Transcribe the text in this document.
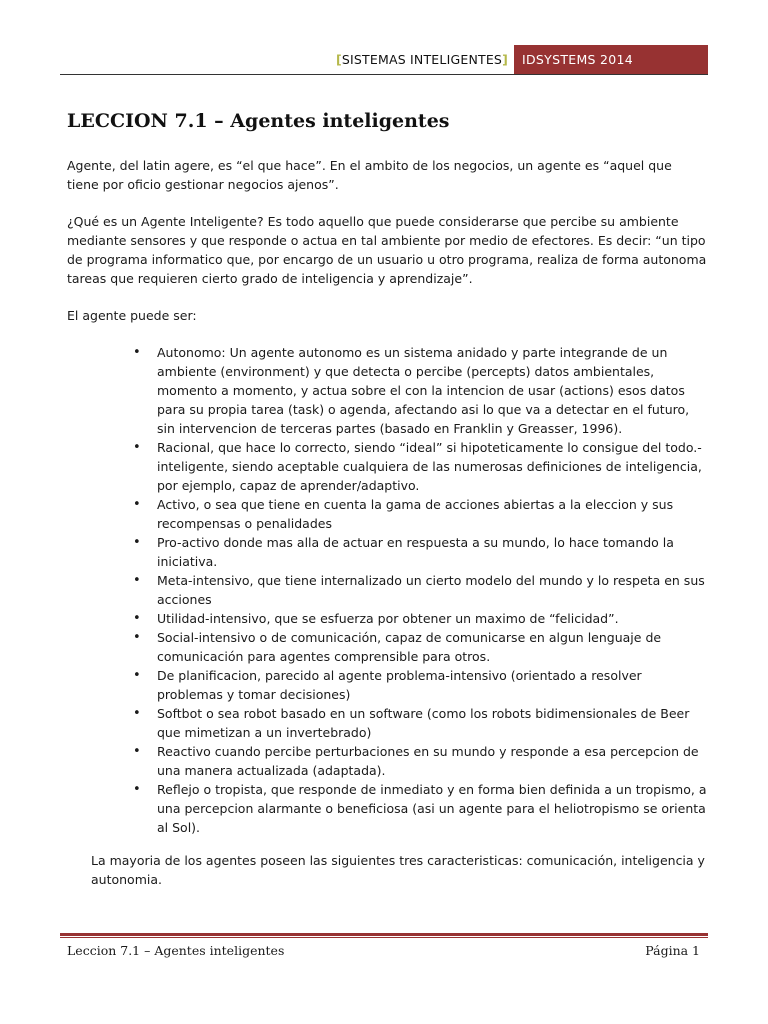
[SISTEMAS INTELIGENTES]	IDSYSTEMS 2014
LECCION 7.1 – Agentes inteligentes

Agente, del latin agere, es “el que hace”. En el ambito de los negocios, un agente es “aquel que tiene por oficio gestionar negocios ajenos”.

¿Qué es un Agente Inteligente? Es todo aquello que puede considerarse que percibe su ambiente mediante sensores y que responde o actua en tal ambiente por medio de efectores. Es decir: “un tipo de programa informatico que, por encargo de un usuario u otro programa, realiza de forma autonoma tareas que requieren cierto grado de inteligencia y aprendizaje”.

El agente puede ser:

• Autonomo: Un agente autonomo es un sistema anidado y parte integrande de un ambiente (environment) y que detecta o percibe (percepts) datos ambientales, momento a momento, y actua sobre el con la intencion de usar (actions) esos datos para su propia tarea (task) o agenda, afectando asi lo que va a detectar en el futuro, sin intervencion de terceras partes (basado en Franklin y Greasser, 1996).
• Racional, que hace lo correcto, siendo “ideal” si hipoteticamente lo consigue del todo.-inteligente, siendo aceptable cualquiera de las numerosas definiciones de inteligencia, por ejemplo, capaz de aprender/adaptivo.
• Activo, o sea que tiene en cuenta la gama de acciones abiertas a la eleccion y sus recompensas o penalidades
• Pro-activo donde mas alla de actuar en respuesta a su mundo, lo hace tomando la iniciativa.
• Meta-intensivo, que tiene internalizado un cierto modelo del mundo y lo respeta en sus acciones
• Utilidad-intensivo, que se esfuerza por obtener un maximo de “felicidad”.
• Social-intensivo o de comunicación, capaz de comunicarse en algun lenguaje de comunicación para agentes comprensible para otros.
• De planificacion, parecido al agente problema-intensivo (orientado a resolver problemas y tomar decisiones)
• Softbot o sea robot basado en un software (como los robots bidimensionales de Beer que mimetizan a un invertebrado)
• Reactivo cuando percibe perturbaciones en su mundo y responde a esa percepcion de una manera actualizada (adaptada).
• Reflejo o tropista, que responde de inmediato y en forma bien definida a un tropismo, a una percepcion alarmante o beneficiosa (asi un agente para el heliotropismo se orienta al Sol).

La mayoria de los agentes poseen las siguientes tres caracteristicas: comunicación, inteligencia y autonomia.

Leccion 7.1 – Agentes inteligentes	Página 1
